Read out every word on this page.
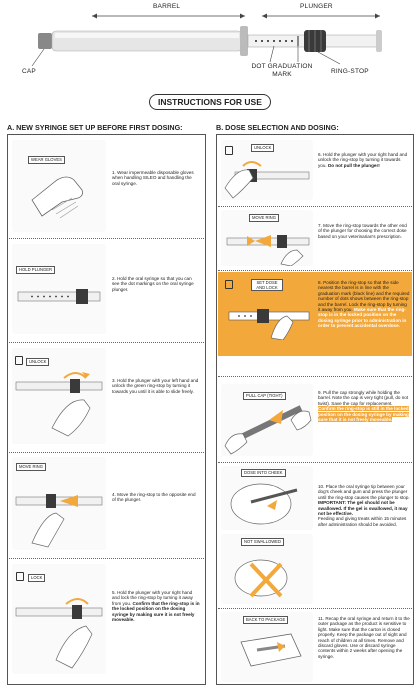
BARREL	PLUNGER
CAP
DOT GRADUATION MARK	RING-STOP
INSTRUCTIONS FOR USE
A. NEW SYRINGE SET UP BEFORE FIRST DOSING:	B. DOSE SELECTION AND DOSING:
WEAR GLOVES
1. Wear impermeable disposable gloves when handling SILEO and handling the oral syringe.
HOLD PLUNGER
2. Hold the oral syringe so that you can see the dot markings on the oral syringe plunger.
UNLOCK
3. Hold the plunger with your left hand and unlock the green ring-stop by turning it towards you until it is able to slide freely.
MOVE RING
4. Move the ring-stop to the opposite end of the plunger.
LOCK
5. Hold the plunger with your right hand and lock the ring-stop by turning it away from you. Confirm that the ring-stop is in the locked position on the dosing syringe by making sure it is not freely moveable.
UNLOCK
6. Hold the plunger with your right hand and unlock the ring-stop by turning it towards you. Do not pull the plunger!
MOVE RING
7. Move the ring-stop towards the other end of the plunger for choosing the correct dose based on your veterinarian's prescription.
SET DOSE AND LOCK
8. Position the ring-stop so that the side nearest the barrel is in line with the graduation mark (black line) and the required number of dots shows between the ring-stop and the barrel. Lock the ring-stop by turning it away from you. Make sure that the ring-stop is in the locked position on the dosing syringe prior to administration in order to prevent accidental overdose.
PULL CAP (TIGHT)
9. Pull the cap strongly while holding the barrel. Note the cap is very tight (pull, do not twist). Save the cap for replacement. Confirm the ring-stop is still in the locked position on the dosing syringe by making sure that it is not freely moveable.
DOSE INTO CHEEK
NOT SWALLOWED
10. Place the oral syringe tip between your dog's cheek and gum and press the plunger until the ring-stop causes the plunger to stop.
IMPORTANT: The gel should not be swallowed. If the gel is swallowed, it may not be effective.
Feeding and giving treats within 15 minutes after administration should be avoided.
BACK TO PACKAGE	11. Recap the oral syringe and return it to the outer package as the product is sensitive to light. Make sure that the carton is closed properly. Keep the package out of sight and reach of children at all times. Remove and discard gloves. Use or discard syringe contents within 2 weeks after opening the syringe.
